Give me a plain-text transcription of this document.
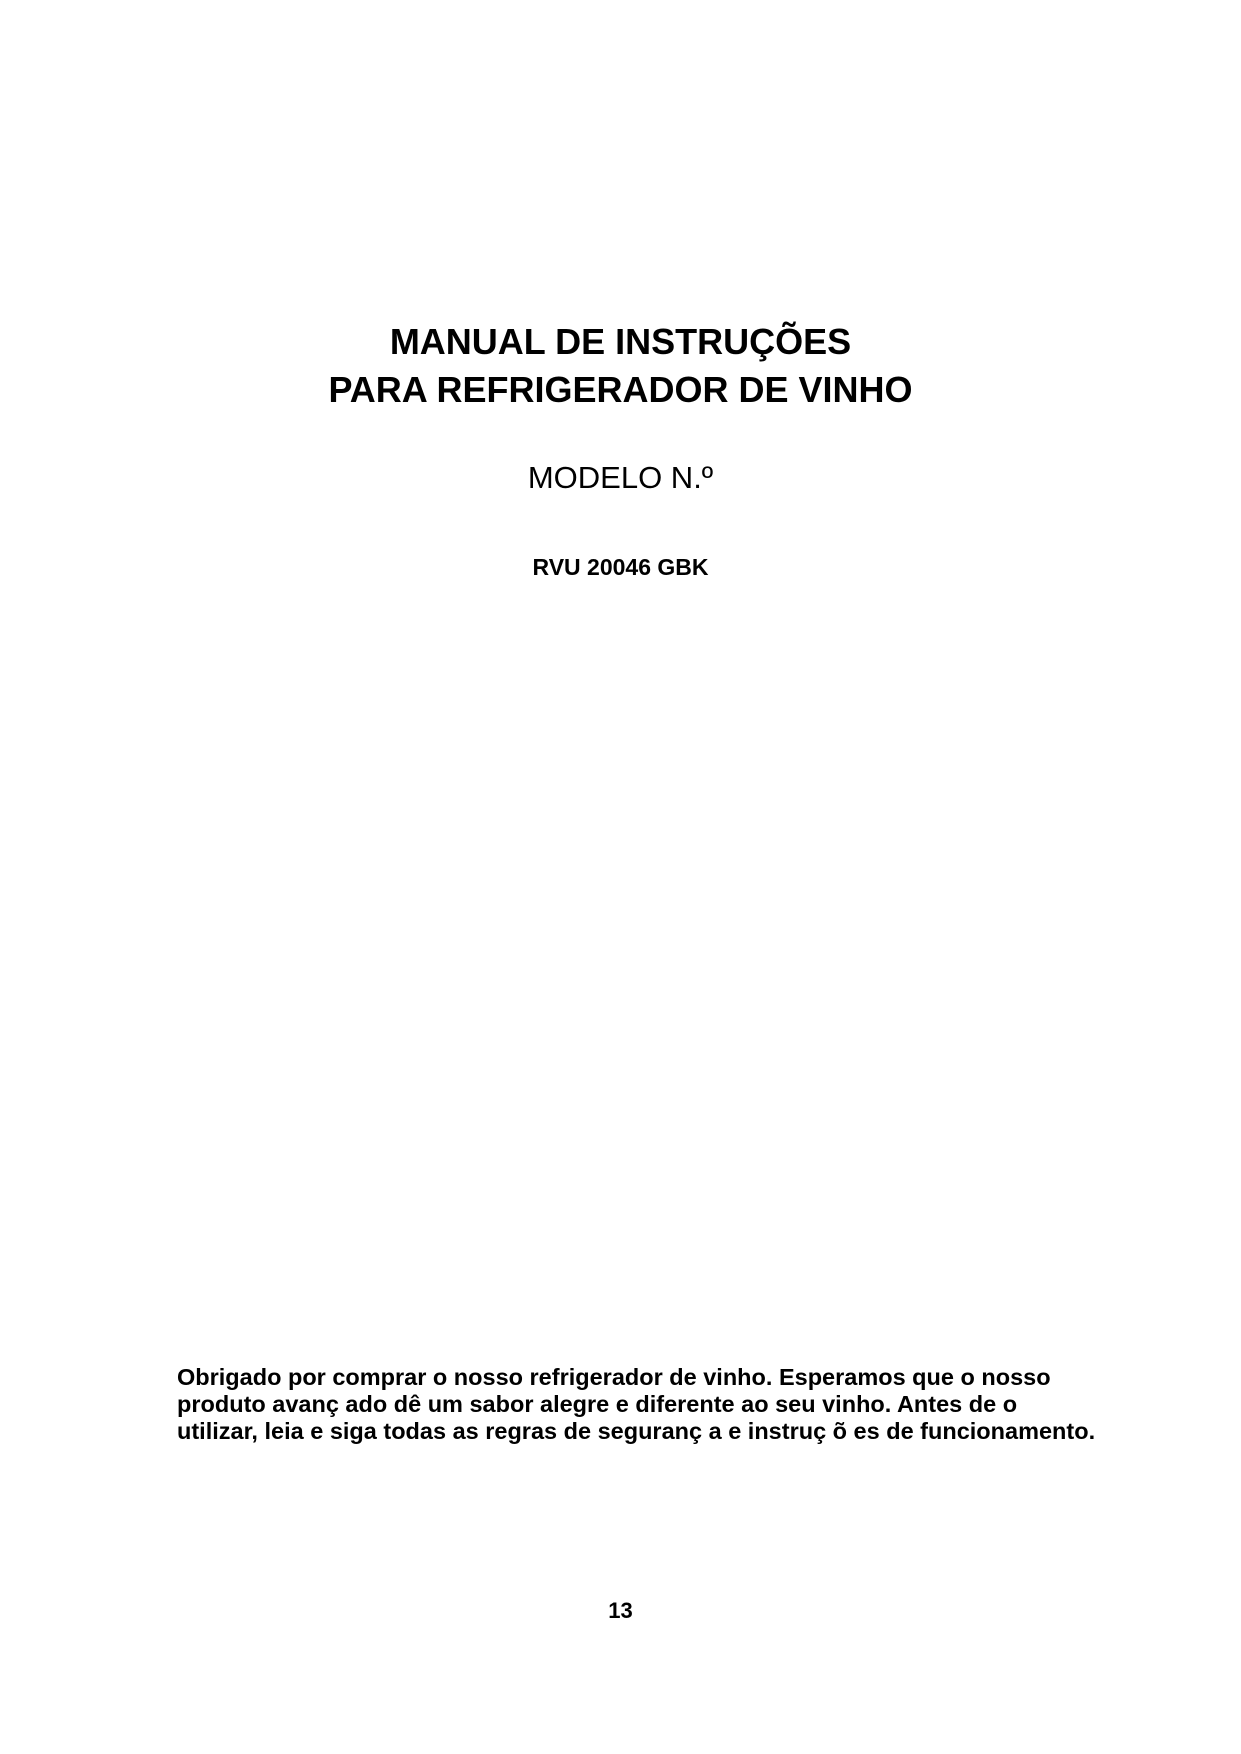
MANUAL DE INSTRUÇÕES
PARA REFRIGERADOR DE VINHO
MODELO N.º
RVU 20046 GBK
Obrigado por comprar o nosso refrigerador de vinho. Esperamos que o nosso
produto avanç ado dê um sabor alegre e diferente ao seu vinho. Antes de o
utilizar, leia e siga todas as regras de seguranç a e instruç õ es de funcionamento.
13
